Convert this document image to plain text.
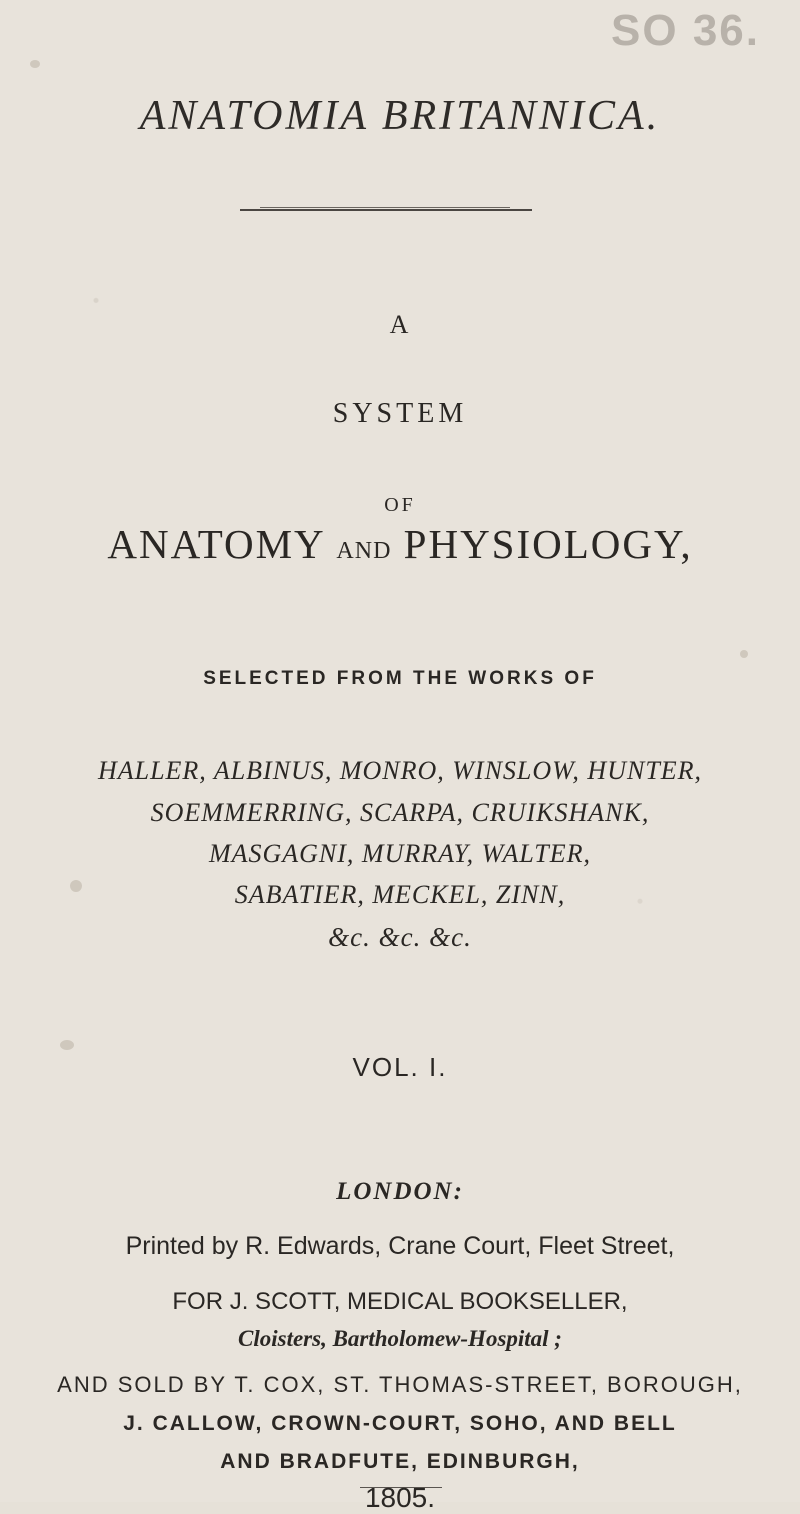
SO 36.
ANATOMIA BRITANNICA.
A
SYSTEM
OF
ANATOMY AND PHYSIOLOGY,
SELECTED FROM THE WORKS OF
HALLER, ALBINUS, MONRO, WINSLOW, HUNTER,
SOEMMERRING, SCARPA, CRUIKSHANK,
MASGAGNI, MURRAY, WALTER,
SABATIER, MECKEL, ZINN,
&c. &c. &c.
VOL. I.
LONDON:
Printed by R. Edwards, Crane Court, Fleet Street,
FOR J. SCOTT, MEDICAL BOOKSELLER,
Cloisters, Bartholomew-Hospital ;
AND SOLD BY T. COX, ST. THOMAS-STREET, BOROUGH,
J. CALLOW, CROWN-COURT, SOHO, AND BELL
AND BRADFUTE, EDINBURGH,
1805.
